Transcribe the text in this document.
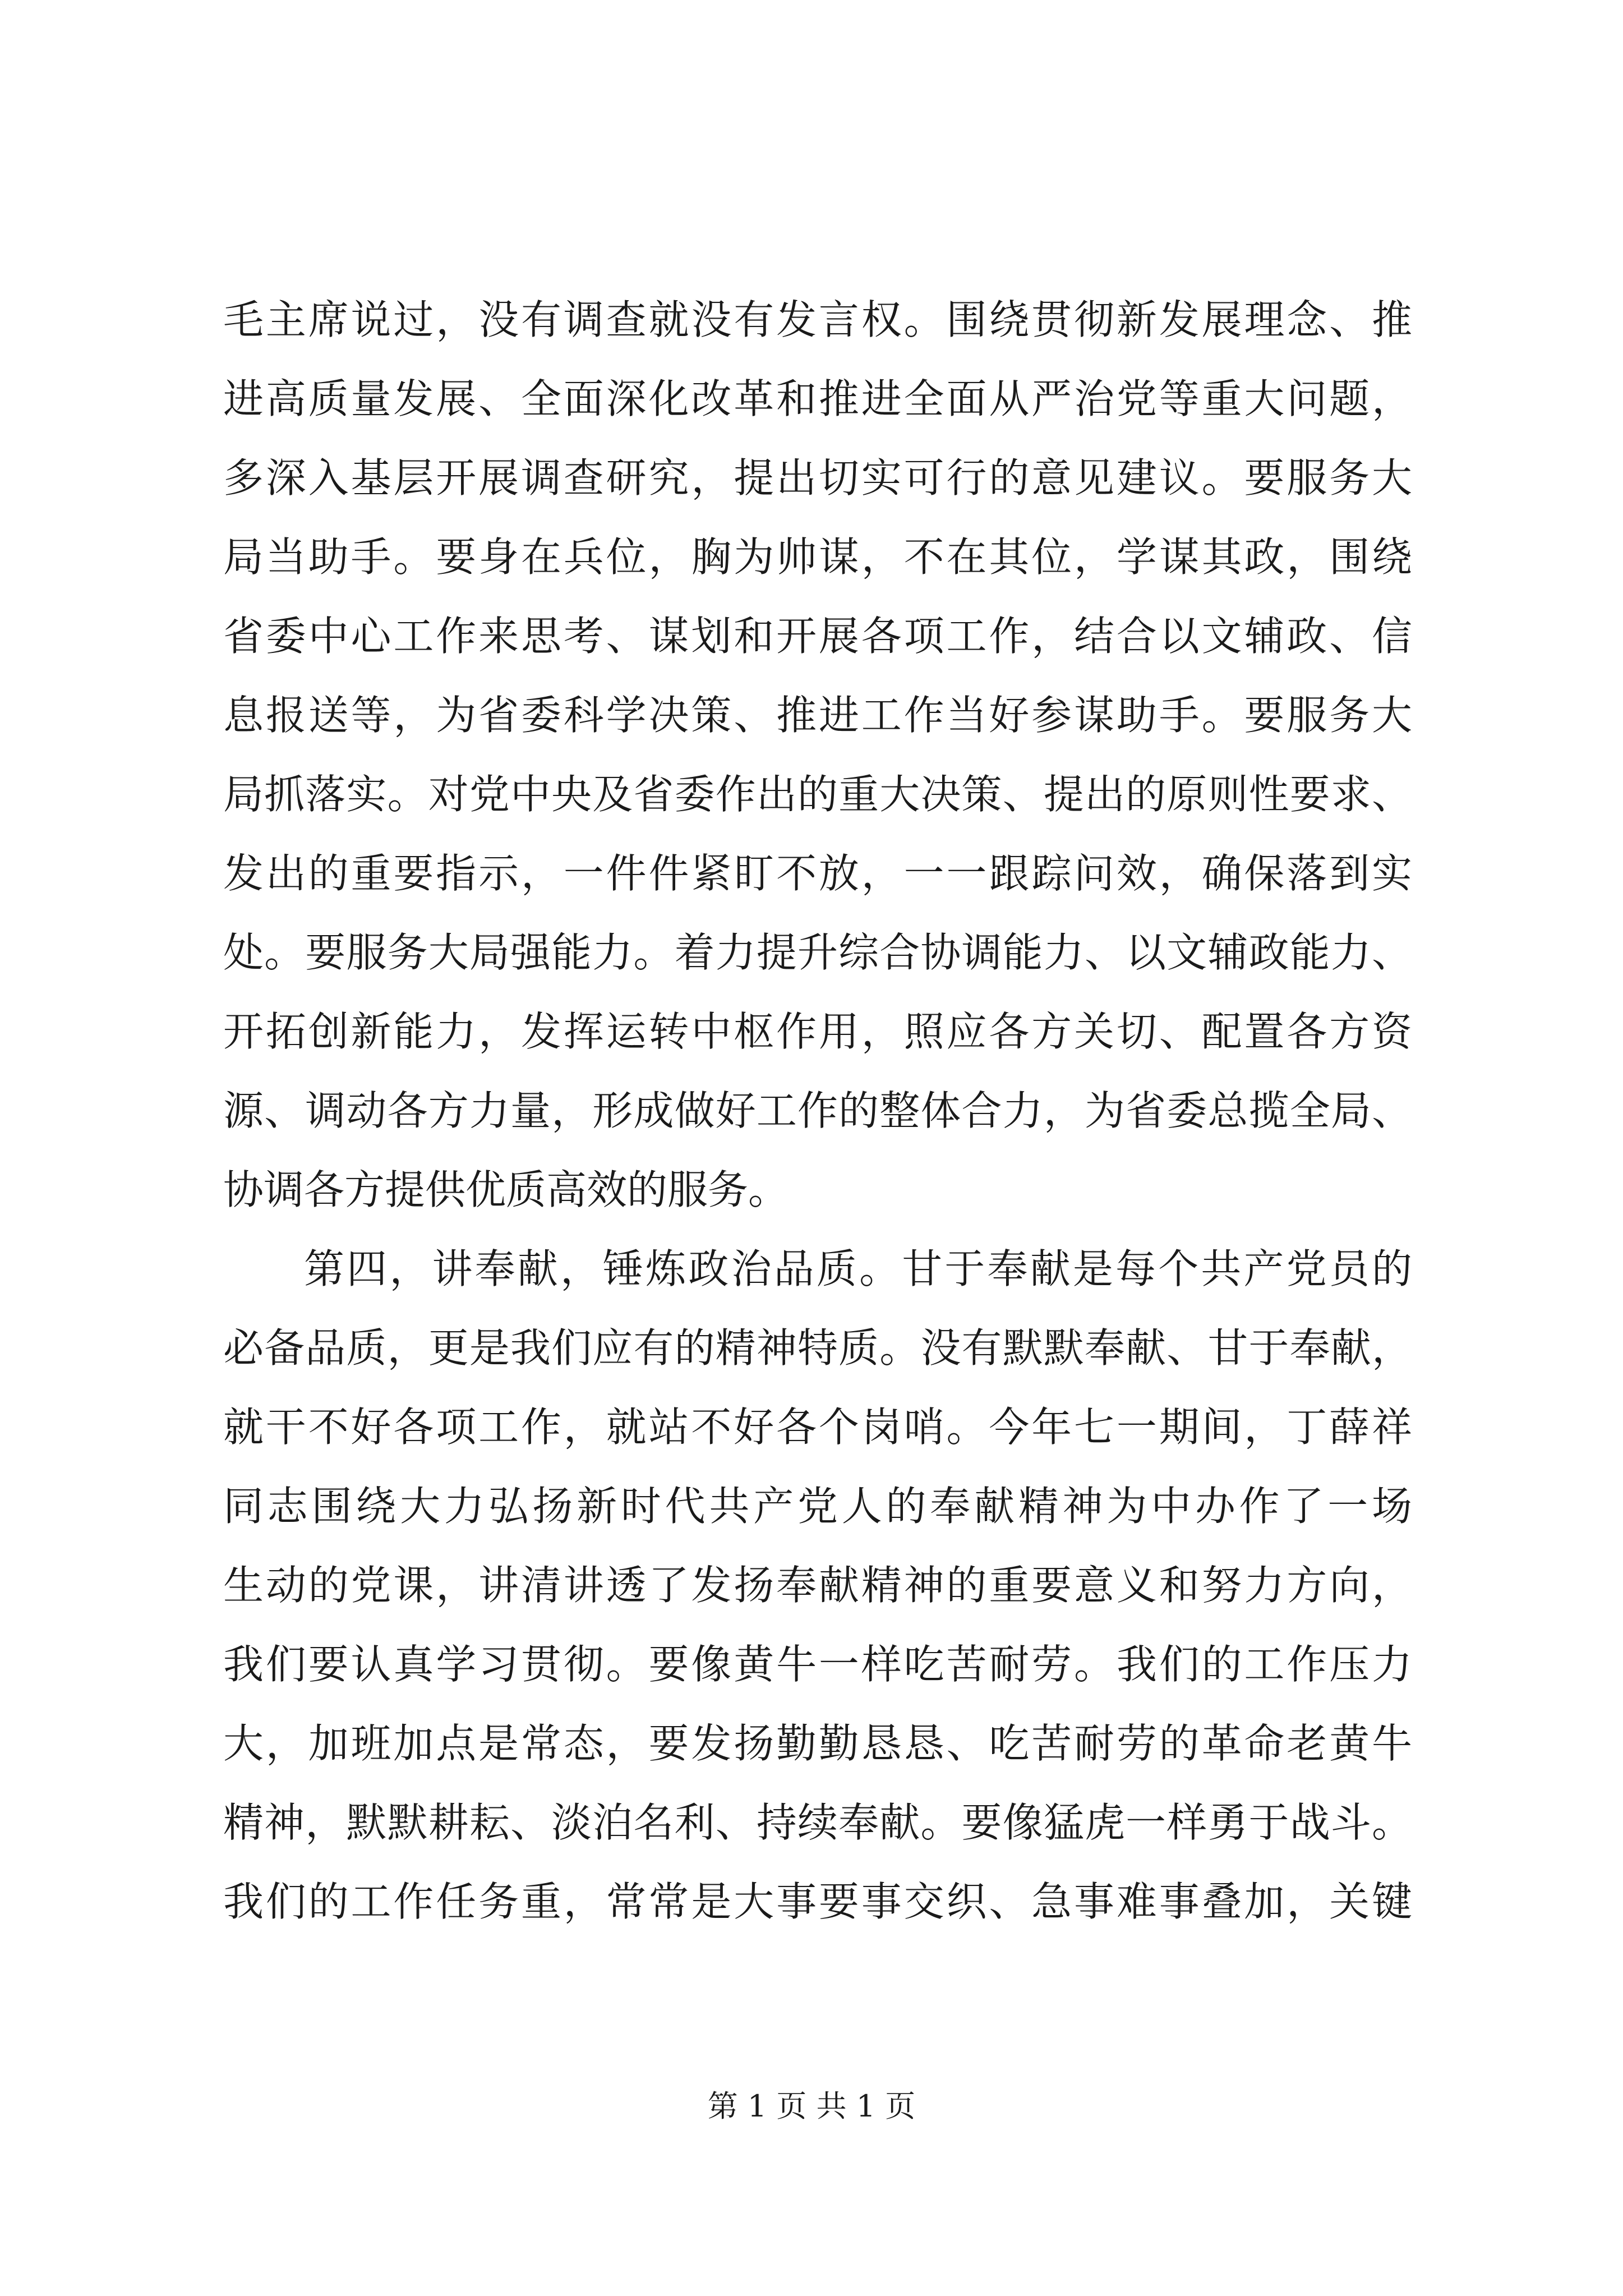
毛主席说过，没有调查就没有发言权。围绕贯彻新发展理念、推
进高质量发展、全面深化改革和推进全面从严治党等重大问题，
多深入基层开展调查研究，提出切实可行的意见建议。要服务大
局当助手。要身在兵位，胸为帅谋，不在其位，学谋其政，围绕
省委中心工作来思考、谋划和开展各项工作，结合以文辅政、信
息报送等，为省委科学决策、推进工作当好参谋助手。要服务大
局抓落实。对党中央及省委作出的重大决策、提出的原则性要求、
发出的重要指示，一件件紧盯不放，一一跟踪问效，确保落到实
处。要服务大局强能力。着力提升综合协调能力、以文辅政能力、
开拓创新能力，发挥运转中枢作用，照应各方关切、配置各方资
源、调动各方力量，形成做好工作的整体合力，为省委总揽全局、
协调各方提供优质高效的服务。
第四，讲奉献，锤炼政治品质。甘于奉献是每个共产党员的
必备品质，更是我们应有的精神特质。没有默默奉献、甘于奉献，
就干不好各项工作，就站不好各个岗哨。今年七一期间，丁薛祥
同志围绕大力弘扬新时代共产党人的奉献精神为中办作了一场
生动的党课，讲清讲透了发扬奉献精神的重要意义和努力方向，
我们要认真学习贯彻。要像黄牛一样吃苦耐劳。我们的工作压力
大，加班加点是常态，要发扬勤勤恳恳、吃苦耐劳的革命老黄牛
精神，默默耕耘、淡泊名利、持续奉献。要像猛虎一样勇于战斗。
我们的工作任务重，常常是大事要事交织、急事难事叠加，关键
第 1 页 共 1 页
